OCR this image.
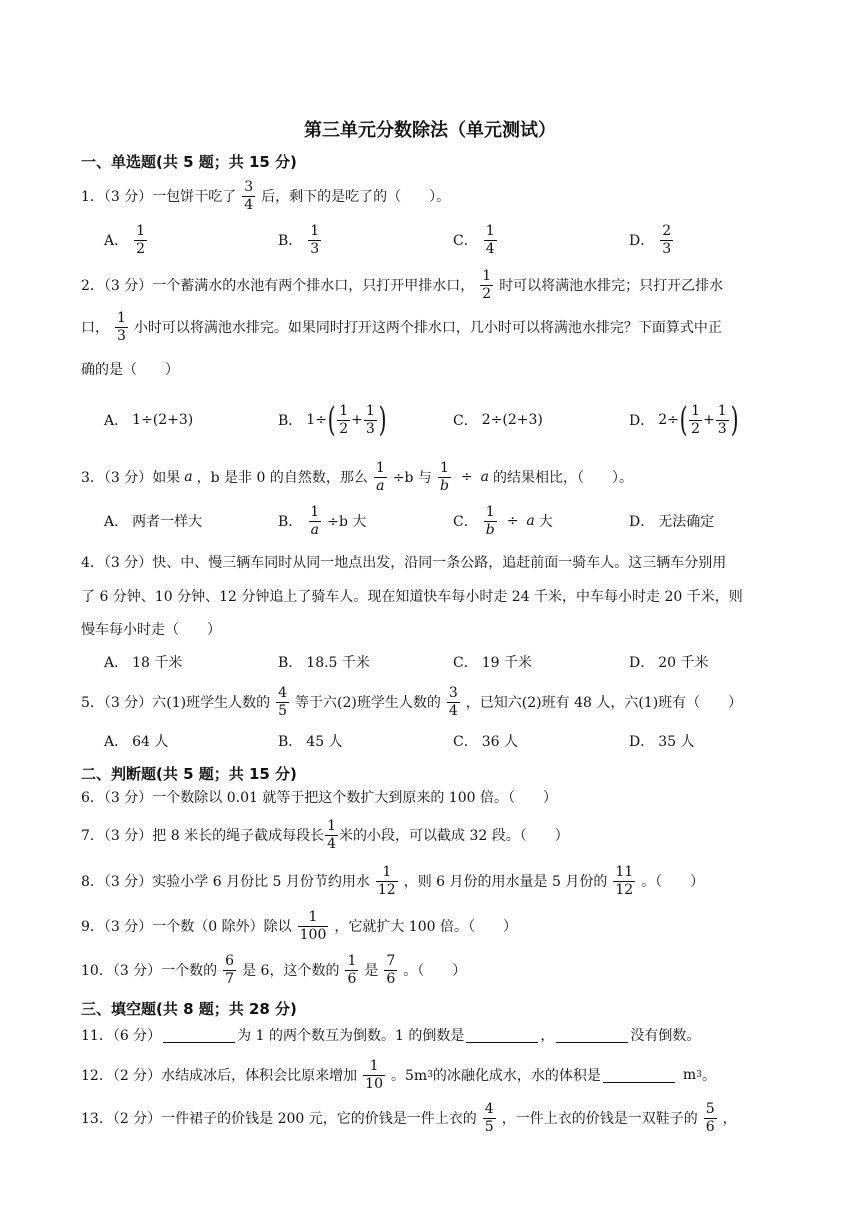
第三单元分数除法（单元测试）
一、单选题(共 5 题；共 15 分)
1．（3 分）一包饼干吃了 $\frac{3}{4}$ 后，剩下的是吃了的（　　）。
A． $\frac{1}{2}$	B． $\frac{1}{3}$	C． $\frac{1}{4}$	D． $\frac{2}{3}$
2．（3 分）一个蓄满水的水池有两个排水口，只打开甲排水口， $\frac{1}{2}$ 时可以将满池水排完；只打开乙排水
口， $\frac{1}{3}$ 小时可以将满池水排完。如果同时打开这两个排水口，几小时可以将满池水排完？下面算式中正
确的是（　　）
A． 1÷(2+3)	B． 1÷ ( $\frac{1}{2} + \frac{1}{3}$ )	C． 2÷(2+3)	D． 2÷ ( $\frac{1}{2} + \frac{1}{3}$ )
3．（3 分）如果 a ，b 是非 0 的自然数，那么 $\frac{1}{a} \div b$ 与 $\frac{1}{b} \div a$ 的结果相比，（　　）。
A． 两者一样大	B． $\frac{1}{a} \div b$ 大	C． $\frac{1}{b} \div a$ 大	D． 无法确定
4．（3 分）快、中、慢三辆车同时从同一地点出发，沿同一条公路，追赶前面一骑车人。这三辆车分别用
了 6 分钟、10 分钟、12 分钟追上了骑车人。现在知道快车每小时走 24 千米，中车每小时走 20 千米，则
慢车每小时走（　　）
A． 18 千米	B． 18.5 千米	C． 19 千米	D． 20 千米
5．（3 分）六(1)班学生人数的 $\frac{4}{5}$ 等于六(2)班学生人数的 $\frac{3}{4}$ ，已知六(2)班有 48 人，六(1)班有（　　）
A． 64 人	B． 45 人	C． 36 人	D． 35 人
二、判断题(共 5 题；共 15 分)
6．（3 分）一个数除以 0.01 就等于把这个数扩大到原来的 100 倍。（　　）
7．（3 分）把 8 米长的绳子截成每段长 $\frac{1}{4}$ 米的小段，可以截成 32 段。（　　）
8．（3 分）实验小学 6 月份比 5 月份节约用水 $\frac{1}{12}$ ，则 6 月份的用水量是 5 月份的 $\frac{11}{12}$ 。（　　）
9．（3 分）一个数（0 除外）除以 $\frac{1}{100}$ ，它就扩大 100 倍。（　　）
10．（3 分）一个数的 $\frac{6}{7}$ 是 6，这个数的 $\frac{1}{6}$ 是 $\frac{7}{6}$ 。（　　）
三、填空题(共 8 题；共 28 分)
11．（6 分）	为 1 的两个数互为倒数。1 的倒数是	，	没有倒数。
12．（2 分）水结成冰后，体积会比原来增加 $\frac{1}{10}$ 。5m 3 的冰融化成水，水的体积是	m 3 。
13．（2 分）一件裙子的价钱是 200 元，它的价钱是一件上衣的 $\frac{4}{5}$ ，一件上衣的价钱是一双鞋子的 $\frac{5}{6}$ ，
